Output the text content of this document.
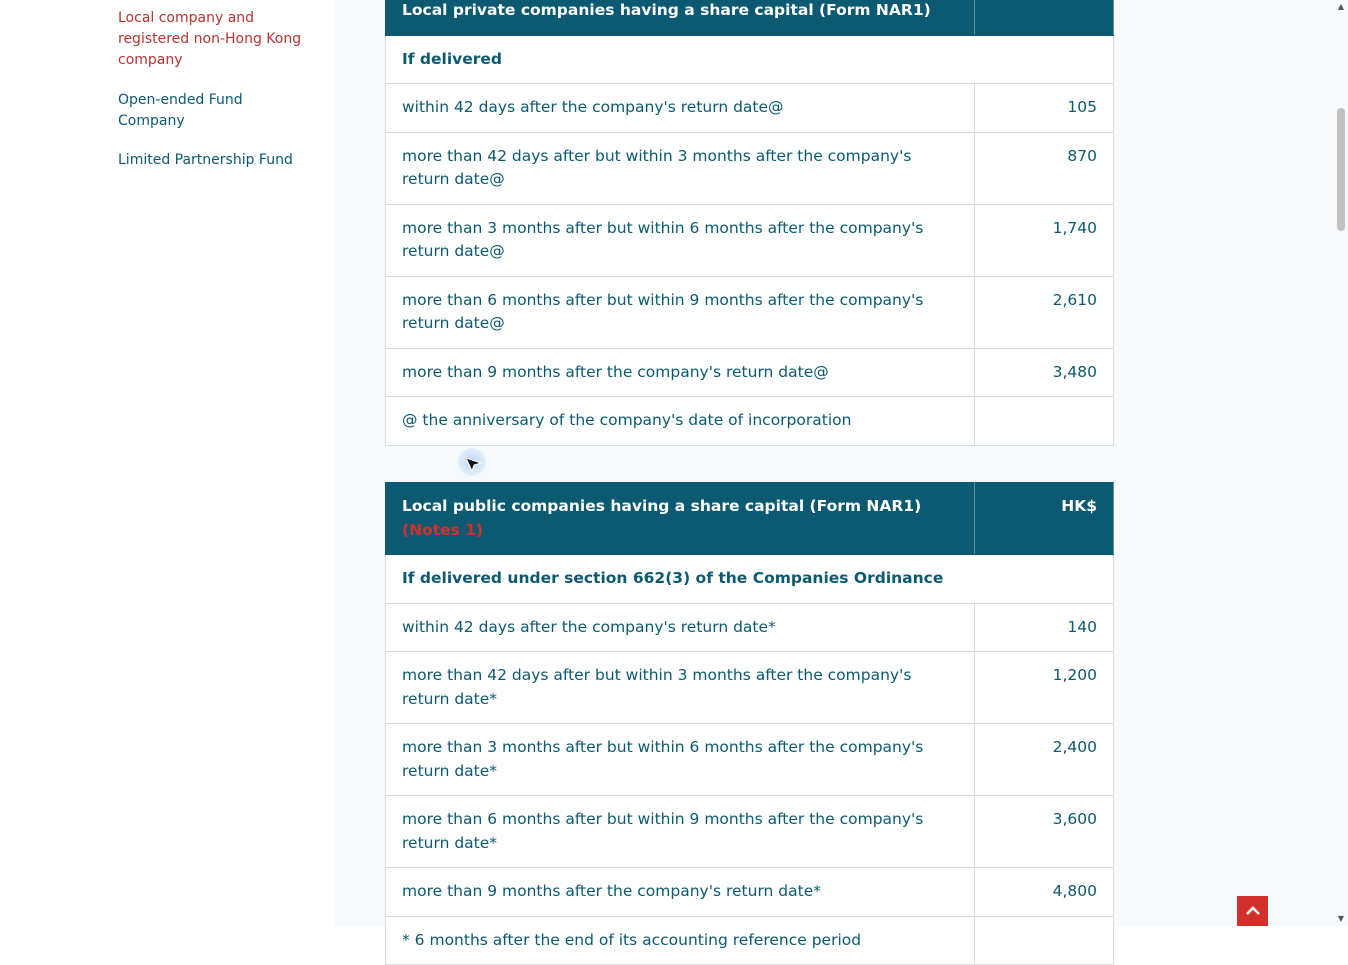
Local company and registered non-Hong Kong company
Open-ended Fund Company
Limited Partnership Fund
Local private companies having a share capital (Form NAR1)	
If delivered	
within 42 days after the company's return date@	105
more than 42 days after but within 3 months after the company's return date@	870
more than 3 months after but within 6 months after the company's return date@	1,740
more than 6 months after but within 9 months after the company's return date@	2,610
more than 9 months after the company's return date@	3,480
@ the anniversary of the company's date of incorporation	
Local public companies having a share capital (Form NAR1) (Notes 1)	HK$
If delivered under section 662(3) of the Companies Ordinance	
within 42 days after the company's return date*	140
more than 42 days after but within 3 months after the company's return date*	1,200
more than 3 months after but within 6 months after the company's return date*	2,400
more than 6 months after but within 9 months after the company's return date*	3,600
more than 9 months after the company's return date*	4,800
* 6 months after the end of its accounting reference period	
▲
▼
